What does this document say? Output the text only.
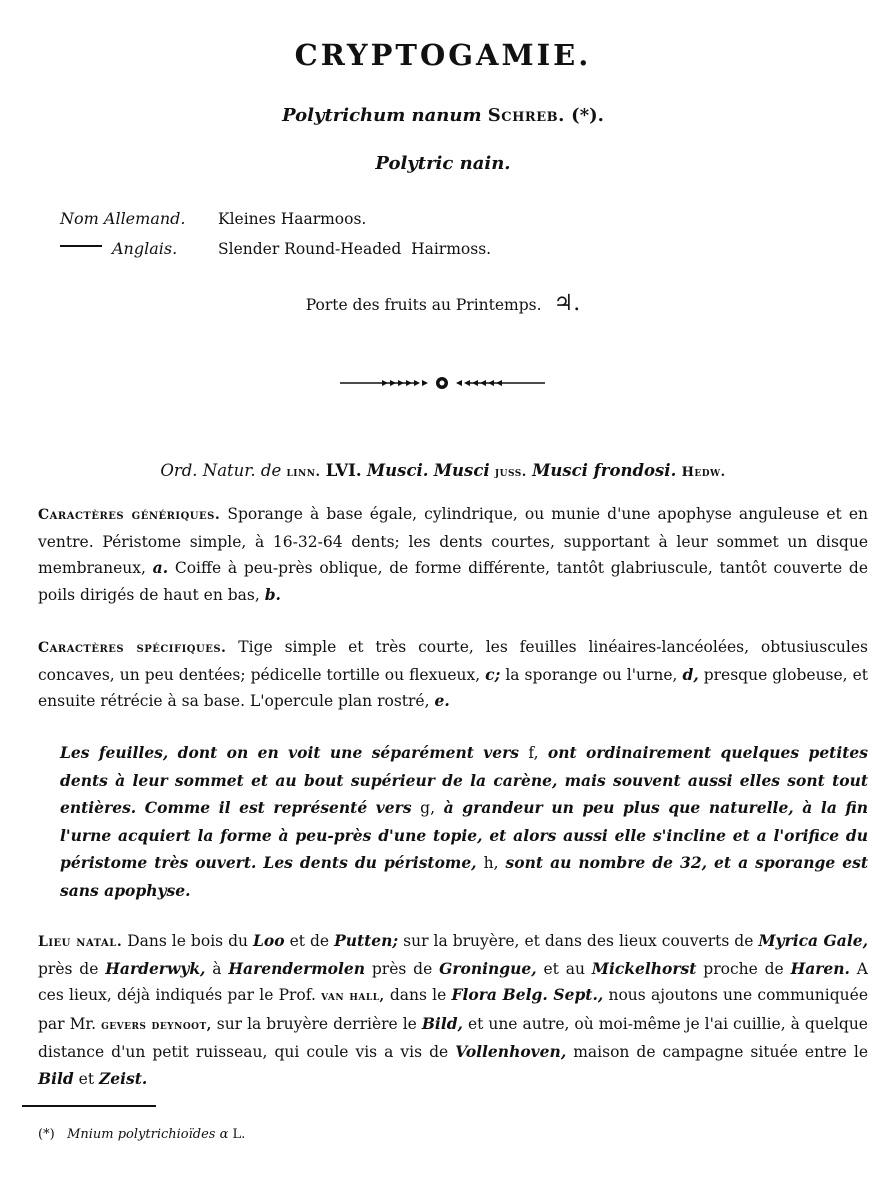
CRYPTOGAMIE.
Polytrichum nanum Schreb. (*).
Polytric nain.
Nom Allemand.	Kleines Haarmoos.
Anglais.	Slender Round-Headed  Hairmoss.
Porte des fruits au Printemps. ♃.
Ord. Natur. de linn. LVI. Musci. Musci juss. Musci frondosi. Hedw.
Caractères génériques. Sporange à base égale, cylindrique, ou munie d'une apophyse anguleuse et en ventre. Péristome simple, à 16-32-64 dents; les dents courtes, supportant à leur sommet un disque membraneux, a. Coiffe à peu-près oblique, de forme différente, tantôt glabriuscule, tantôt couverte de poils dirigés de haut en bas, b.
Caractères spécifiques. Tige simple et très courte, les feuilles linéaires-lancéolées, obtusiuscules concaves, un peu dentées; pédicelle tortille ou flexueux, c; la sporange ou l'urne, d, presque globeuse, et ensuite rétrécie à sa base. L'opercule plan rostré, e.
Les feuilles, dont on en voit une séparément vers f, ont ordinairement quelques petites dents à leur sommet et au bout supérieur de la carène, mais souvent aussi elles sont tout entières. Comme il est représenté vers g, à grandeur un peu plus que naturelle, à la fin l'urne acquiert la forme à peu-près d'une topie, et alors aussi elle s'incline et a l'orifice du péristome très ouvert. Les dents du péristome, h, sont au nombre de 32, et a sporange est sans apophyse.
Lieu natal. Dans le bois du Loo et de Putten; sur la bruyère, et dans des lieux couverts de Myrica Gale, près de Harderwyk, à Harendermolen près de Groningue, et au Mickelhorst proche de Haren. A ces lieux, déjà indiqués par le Prof. van hall, dans le Flora Belg. Sept., nous ajoutons une communiquée par Mr. gevers deynoot, sur la bruyère derrière le Bild, et une autre, où moi-même je l'ai cuillie, à quelque distance d'un petit ruisseau, qui coule vis a vis de Vollenhoven, maison de campagne située entre le Bild et Zeist.
(*) Mnium polytrichioïdes α L.
